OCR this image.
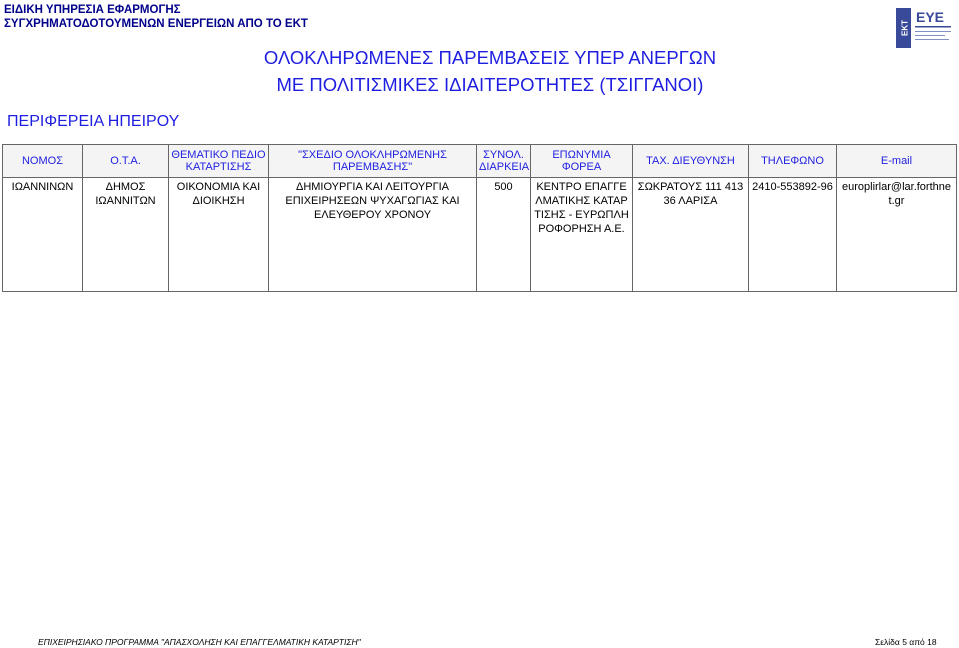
ΕΙΔΙΚΗ ΥΠΗΡΕΣΙΑ ΕΦΑΡΜΟΓΗΣ
ΣΥΓΧΡΗΜΑΤΟΔΟΤΟΥΜΕΝΩΝ ΕΝΕΡΓΕΙΩΝ ΑΠΟ ΤΟ ΕΚΤ	ΕΚΤ
ΕΥΕ
ΟΛΟΚΛΗΡΩΜΕΝΕΣ ΠΑΡΕΜΒΑΣΕΙΣ ΥΠΕΡ ΑΝΕΡΓΩΝ
ΜΕ ΠΟΛΙΤΙΣΜΙΚΕΣ ΙΔΙΑΙΤΕΡΟΤΗΤΕΣ (ΤΣΙΓΓΑΝΟΙ)
ΠΕΡΙΦΕΡΕΙΑ ΗΠΕΙΡΟΥ
ΝΟΜΟΣ	Ο.Τ.Α.	ΘΕΜΑΤΙΚΟ ΠΕΔΙΟ ΚΑΤΑΡΤΙΣΗΣ	"ΣΧΕΔΙΟ ΟΛΟΚΛΗΡΩΜΕΝΗΣ ΠΑΡΕΜΒΑΣΗΣ"	ΣΥΝΟΛ. ΔΙΑΡΚΕΙΑ	ΕΠΩΝΥΜΙΑ ΦΟΡΕΑ	ΤΑΧ. ΔΙΕΥΘΥΝΣΗ	ΤΗΛΕΦΩΝΟ	E-mail
ΙΩΑΝΝΙΝΩΝ	ΔΗΜΟΣ ΙΩΑΝΝΙΤΩΝ	ΟΙΚΟΝΟΜΙΑ ΚΑΙ ΔΙΟΙΚΗΣΗ	ΔΗΜΙΟΥΡΓΙΑ ΚΑΙ ΛΕΙΤΟΥΡΓΙΑ ΕΠΙΧΕΙΡΗΣΕΩΝ ΨΥΧΑΓΩΓΙΑΣ ΚΑΙ ΕΛΕΥΘΕΡΟΥ ΧΡΟΝΟΥ	500	ΚΕΝΤΡΟ ΕΠΑΓΓΕΛΜΑΤΙΚΗΣ ΚΑΤΑΡΤΙΣΗΣ - ΕΥΡΩΠΛΗΡΟΦΟΡΗΣΗ Α.Ε.	ΣΩΚΡΑΤΟΥΣ 111 413 36 ΛΑΡΙΣΑ	2410-553892-96	europlirlar@lar.forthnet.gr
ΕΠΙΧΕΙΡΗΣΙΑΚΟ ΠΡΟΓΡΑΜΜΑ "ΑΠΑΣΧΟΛΗΣΗ ΚΑΙ ΕΠΑΓΓΕΛΜΑΤΙΚΗ ΚΑΤΑΡΤΙΣΗ"	Σελίδα 5 από 18
